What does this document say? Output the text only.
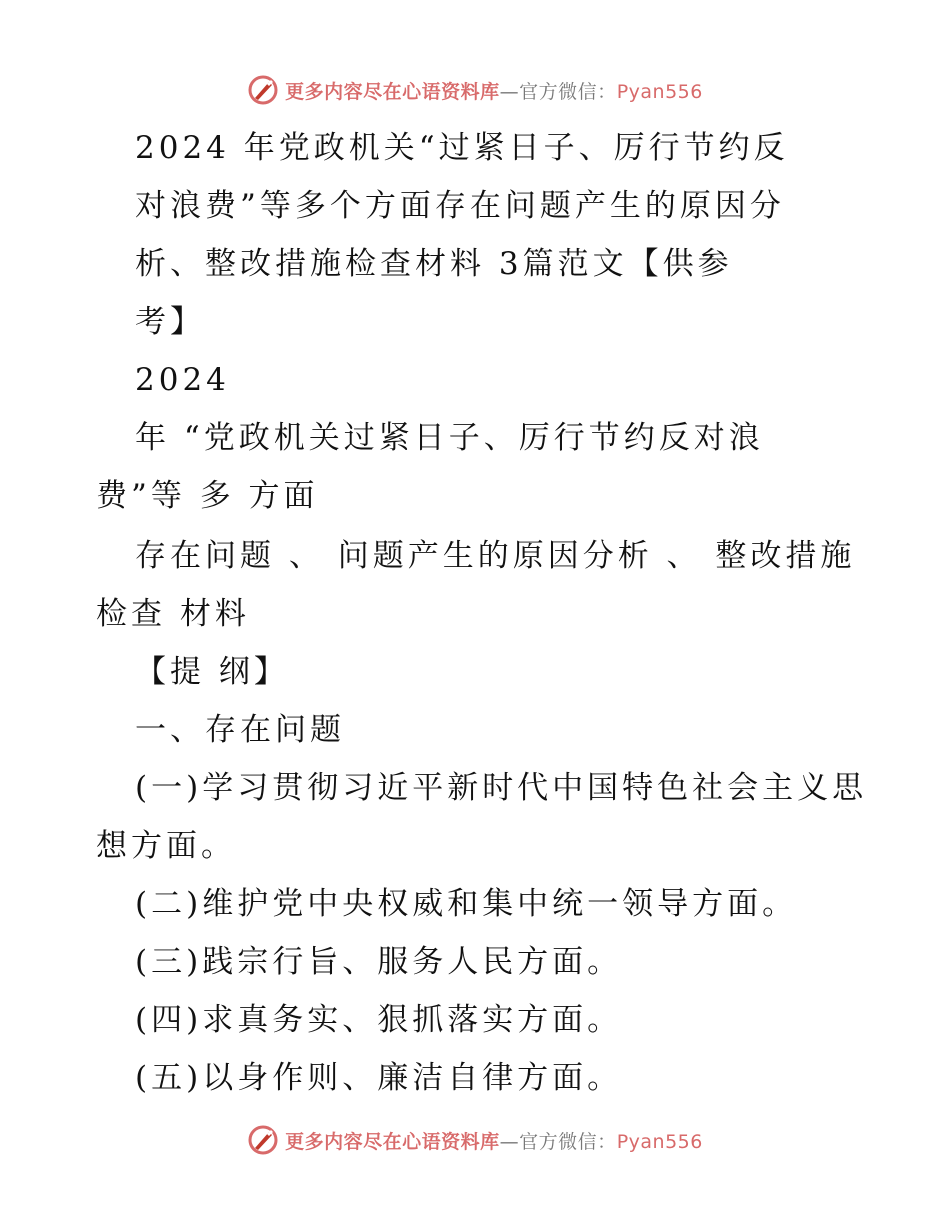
更多内容尽在心语资料库—官方微信：Pyan556
2024 年党政机关“过紧日子、厉行节约反
对浪费”等多个方面存在问题产生的原因分
析、整改措施检查材料 3篇范文【供参
考】
2024
年 “党政机关过紧日子、厉行节约反对浪
费”等 多 方面
存在问题 、 问题产生的原因分析 、 整改措施
检查 材料
【提 纲】
一、存在问题
(一)学习贯彻习近平新时代中国特色社会主义思
想方面。
(二)维护党中央权威和集中统一领导方面。
(三)践宗行旨、服务人民方面。
(四)求真务实、狠抓落实方面。
(五)以身作则、廉洁自律方面。
更多内容尽在心语资料库—官方微信：Pyan556
